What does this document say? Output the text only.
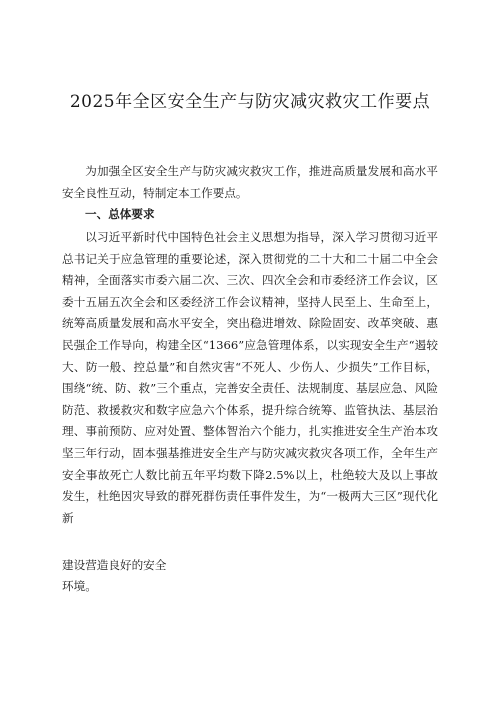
2025年全区安全生产与防灾减灾救灾工作要点

为加强全区安全生产与防灾减灾救灾工作，推进高质量发展和高水平安全良性互动，特制定本工作要点。

一、总体要求

以习近平新时代中国特色社会主义思想为指导，深入学习贯彻习近平总书记关于应急管理的重要论述，深入贯彻党的二十大和二十届二中全会精神，全面落实市委六届二次、三次、四次全会和市委经济工作会议，区委十五届五次全会和区委经济工作会议精神，坚持人民至上、生命至上，统筹高质量发展和高水平安全，突出稳进增效、除险固安、改革突破、惠民强企工作导向，构建全区“1366”应急管理体系，以实现安全生产“遏较大、防一般、控总量”和自然灾害“不死人、少伤人、少损失”工作目标，围绕“统、防、救”三个重点，完善安全责任、法规制度、基层应急、风险防范、救援救灾和数字应急六个体系，提升综合统筹、监管执法、基层治理、事前预防、应对处置、整体智治六个能力，扎实推进安全生产治本攻坚三年行动，固本强基推进安全生产与防灾减灾救灾各项工作，全年生产安全事故死亡人数比前五年平均数下降2.5%以上，杜绝较大及以上事故发生，杜绝因灾导致的群死群伤责任事件发生，为“一极两大三区”现代化新

建设营造良好的安全
环境。
